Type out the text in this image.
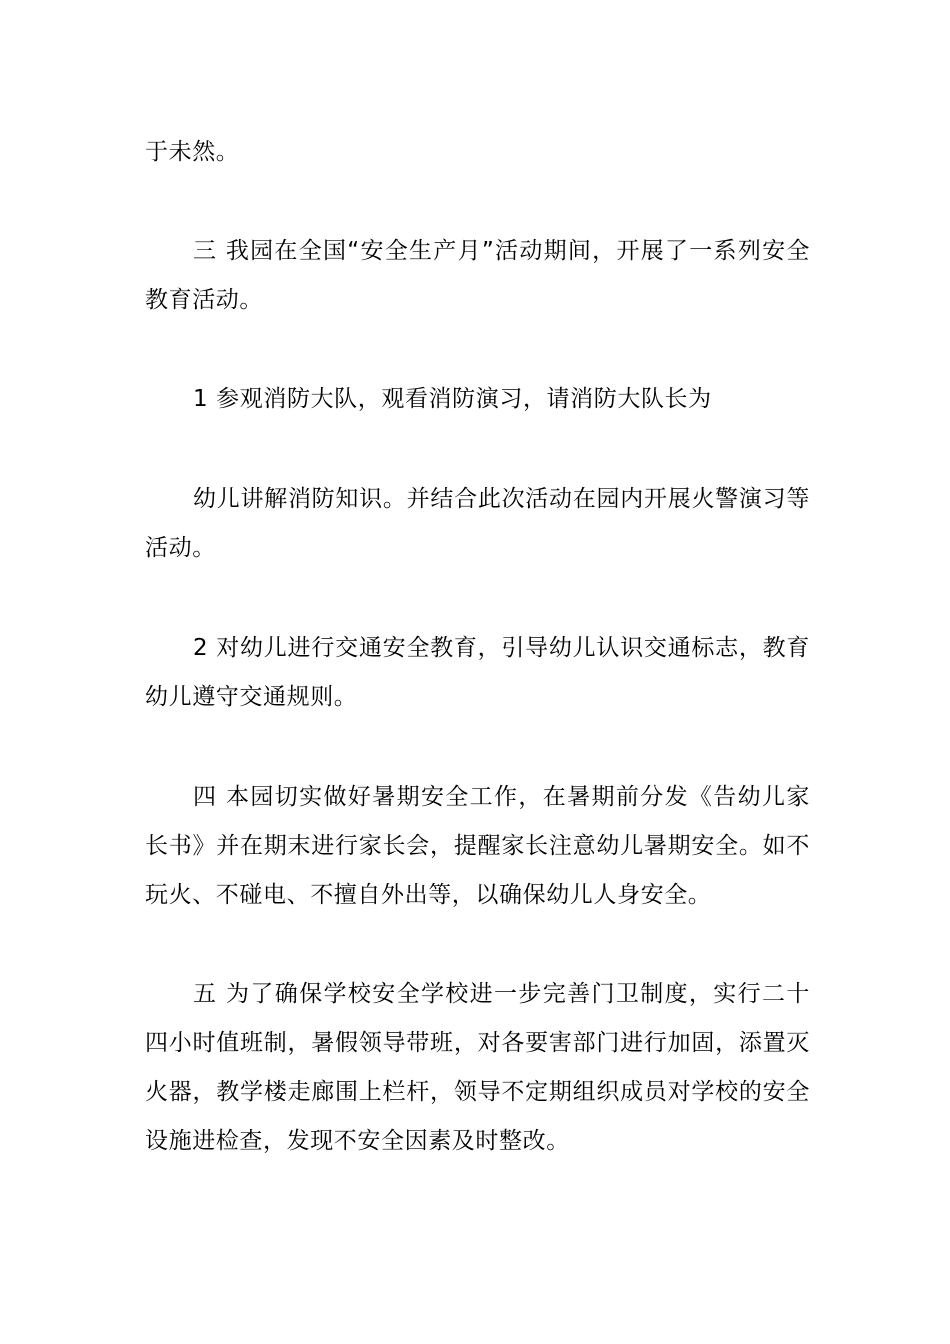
于未然。

三 我园在全国“安全生产月”活动期间，开展了一系列安全教育活动。

1 参观消防大队，观看消防演习，请消防大队长为

幼儿讲解消防知识。并结合此次活动在园内开展火警演习等活动。

2 对幼儿进行交通安全教育，引导幼儿认识交通标志，教育幼儿遵守交通规则。

四 本园切实做好暑期安全工作，在暑期前分发《告幼儿家长书》并在期末进行家长会，提醒家长注意幼儿暑期安全。如不玩火、不碰电、不擅自外出等，以确保幼儿人身安全。

五 为了确保学校安全学校进一步完善门卫制度，实行二十四小时值班制，暑假领导带班，对各要害部门进行加固，添置灭火器，教学楼走廊围上栏杆，领导不定期组织成员对学校的安全设施进检查，发现不安全因素及时整改。
